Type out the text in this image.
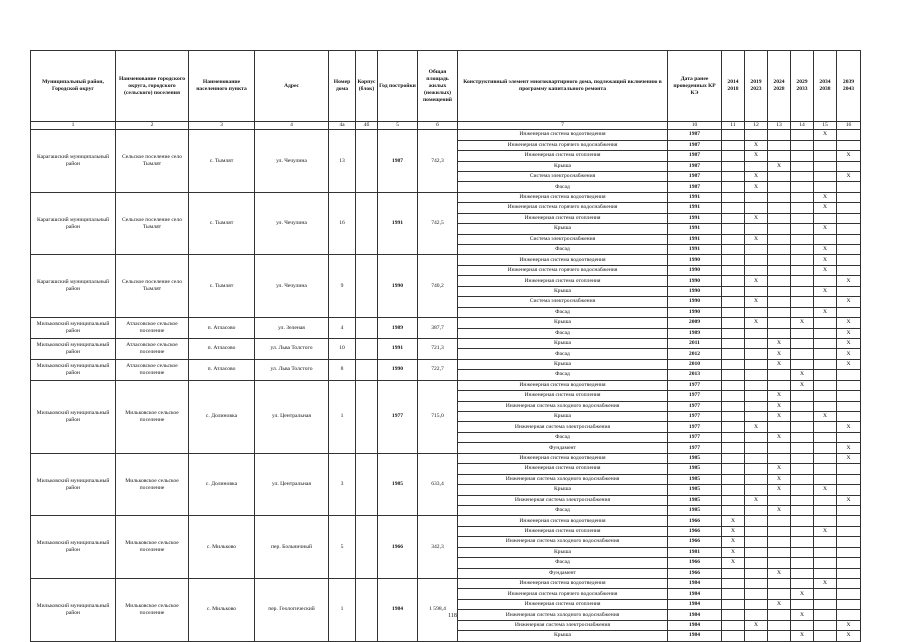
Муниципальный район, Городской округ	Наименование городского округа, городского (сельского) поселения	Наименование населенного пункта	Адрес	Номер дома	Корпус (блок)	Год постройки	Общая площадь жилых (нежилых) помещений	Конструктивный элемент многоквартирного дома, подлежащий включению в программу капитального ремонта	Дата ранее проведенных КР КЭ	2014 2018	2019 2023	2024 2028	2029 2033	2034 2038	2039 2043
1	2	3	4	4а	4б	5	6	7	10	11	12	13	14	15	16
Карагашский муниципальный район	Сельское поселение село Тымлят	с. Тымлят	ул. Чечулина	13		1987	742,3	Инженерная система водоотведения	1987					X	
								Инженерная система горячего водоснабжения	1987		X				
								Инженерная система отопления	1987		X				X
								Крыша	1987			X			
								Система электроснабжения	1987		X				X
								Фасад	1987		X				
Карагашский муниципальный район	Сельское поселение село Тымлят	с. Тымлят	ул. Чечулина	16		1991	742,5	Инженерная система водоотведения	1991					X	
								Инженерная система горячего водоснабжения	1991					X	
								Инженерная система отопления	1991		X				
								Крыша	1991					X	
								Система электроснабжения	1991		X				
								Фасад	1991					X	
Карагашский муниципальный район	Сельское поселение село Тымлят	с. Тымлят	ул. Чечулина	9		1990	740,2	Инженерная система водоотведения	1990					X	
								Инженерная система горячего водоснабжения	1990					X	
								Инженерная система отопления	1990		X				X
								Крыша	1990					X	
								Система электроснабжения	1990		X				X
								Фасад	1990					X	
Мильковский муниципальный район	Атласовское сельское поселение	п. Атласово	ул. Зеленая	4		1989	387,7	Крыша	2009		X		X		X
								Фасад	1989						X
Мильковский муниципальный район	Атласовское сельское поселение	п. Атласово	ул. Льва Толстого	10		1991	721,3	Крыша	2011			X			X
								Фасад	2012			X			X
Мильковский муниципальный район	Атласовское сельское поселение	п. Атласово	ул. Льва Толстого	8		1990	722,7	Крыша	2010			X			X
								Фасад	2013				X		
Мильковский муниципальный район	Мильковское сельское поселение	с. Долиновка	ул. Центральная	1		1977	715,0	Инженерная система водоотведения	1977				X		
								Инженерная система отопления	1977			X			
								Инженерная система холодного водоснабжения	1977			X			
								Крыша	1977			X		X	
								Инженерная система электроснабжения	1977		X				X
								Фасад	1977			X			
								Фундамент	1977						X
Мильковский муниципальный район	Мильковское сельское поселение	с. Долиновка	ул. Центральная	3		1985	633,4	Инженерная система водоотведения	1985						X
								Инженерная система отопления	1985			X			
								Инженерная система холодного водоснабжения	1985			X			
								Крыша	1985			X		X	
								Инженерная система электроснабжения	1985		X				X
								Фасад	1985			X			
Мильковский муниципальный район	Мильковское сельское поселение	с. Мильково	пер. Больничный	5		1966	342,3	Инженерная система водоотведения	1966	X					
								Инженерная система отопления	1966	X				X	
								Инженерная система холодного водоснабжения	1966	X					
								Крыша	1981	X					
								Фасад	1966	X					
								Фундамент	1966			X			
Мильковский муниципальный район	Мильковское сельское поселение	с. Мильково	пер. Геологический	1		1984	1 598,4	Инженерная система водоотведения	1984					X	
								Инженерная система горячего водоснабжения	1984				X		
								Инженерная система отопления	1984			X			
								Инженерная система холодного водоснабжения	1984				X		
								Инженерная система электроснабжения	1984		X				X
								Крыша	1984				X		X
118
